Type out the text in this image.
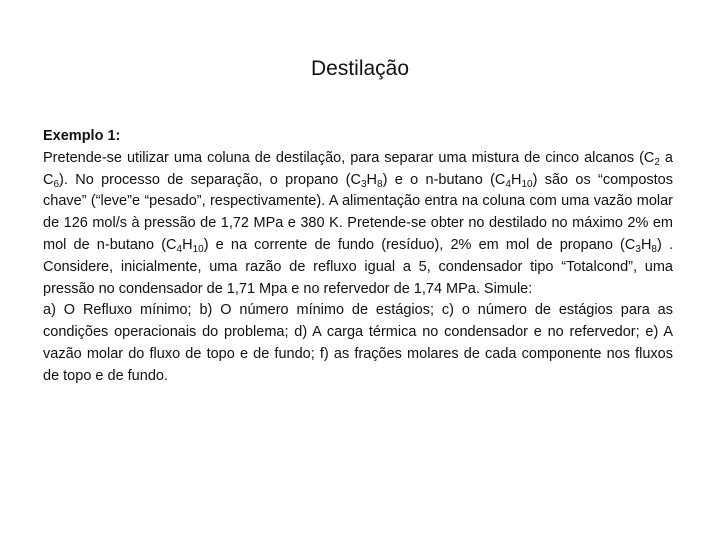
Destilação

Exemplo 1:

Pretende-se utilizar uma coluna de destilação, para separar uma mistura de cinco alcanos ($C_2$ a $C_6$). No processo de separação, o propano $(C_3H_8)$ e o n-butano $(C_4H_{10})$ são os “compostos chave” (“leve”e “pesado”, respectivamente). A alimentação entra na coluna com uma vazão molar de 126 mol/s à pressão de 1,72 MPa e 380 K. Pretende-se obter no destilado no máximo 2% em mol de n-butano $(C_4H_{10})$ e na corrente de fundo (resíduo), 2% em mol de propano $(C_3H_8)$ . Considere, inicialmente, uma razão de refluxo igual a 5, condensador tipo “Totalcond”, uma pressão no condensador de 1,71 Mpa e no refervedor de 1,74 MPa. Simule:

a) O Refluxo mínimo; b) O número mínimo de estágios; c) o número de estágios para as condições operacionais do problema; d) A carga térmica no condensador e no refervedor; e) A vazão molar do fluxo de topo e de fundo; f) as frações molares de cada componente nos fluxos de topo e de fundo.
